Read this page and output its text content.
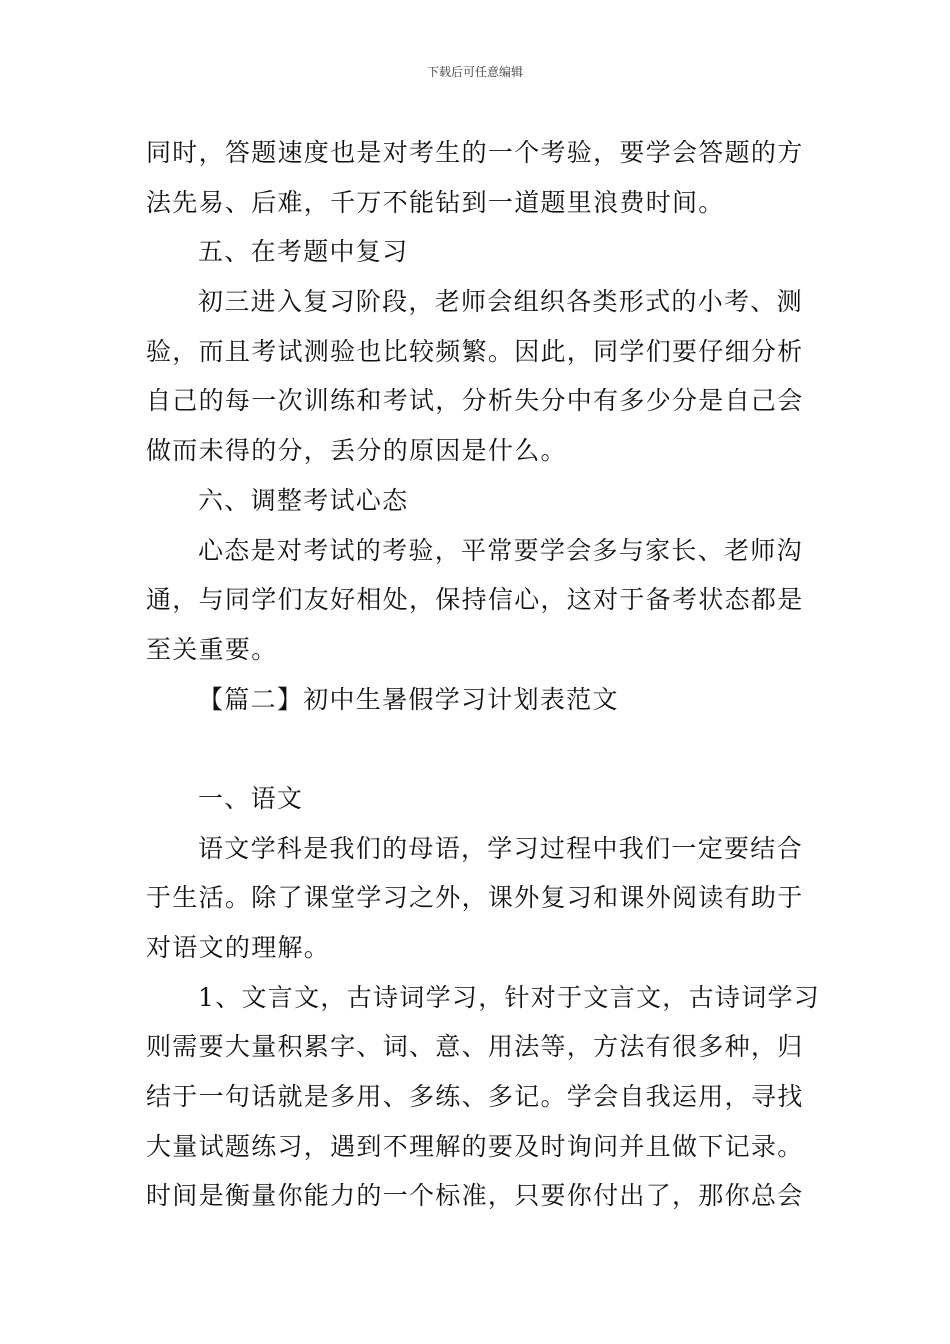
下载后可任意编辑
同时，答题速度也是对考生的一个考验，要学会答题的方
法先易、后难，千万不能钻到一道题里浪费时间。
五、在考题中复习
初三进入复习阶段，老师会组织各类形式的小考、测
验，而且考试测验也比较频繁。因此，同学们要仔细分析
自己的每一次训练和考试，分析失分中有多少分是自己会
做而未得的分，丢分的原因是什么。
六、调整考试心态
心态是对考试的考验，平常要学会多与家长、老师沟
通，与同学们友好相处，保持信心，这对于备考状态都是
至关重要。
【篇二】初中生暑假学习计划表范文
一、语文
语文学科是我们的母语，学习过程中我们一定要结合
于生活。除了课堂学习之外，课外复习和课外阅读有助于
对语文的理解。
1、文言文，古诗词学习，针对于文言文，古诗词学习
则需要大量积累字、词、意、用法等，方法有很多种，归
结于一句话就是多用、多练、多记。学会自我运用，寻找
大量试题练习，遇到不理解的要及时询问并且做下记录。
时间是衡量你能力的一个标准，只要你付出了，那你总会
